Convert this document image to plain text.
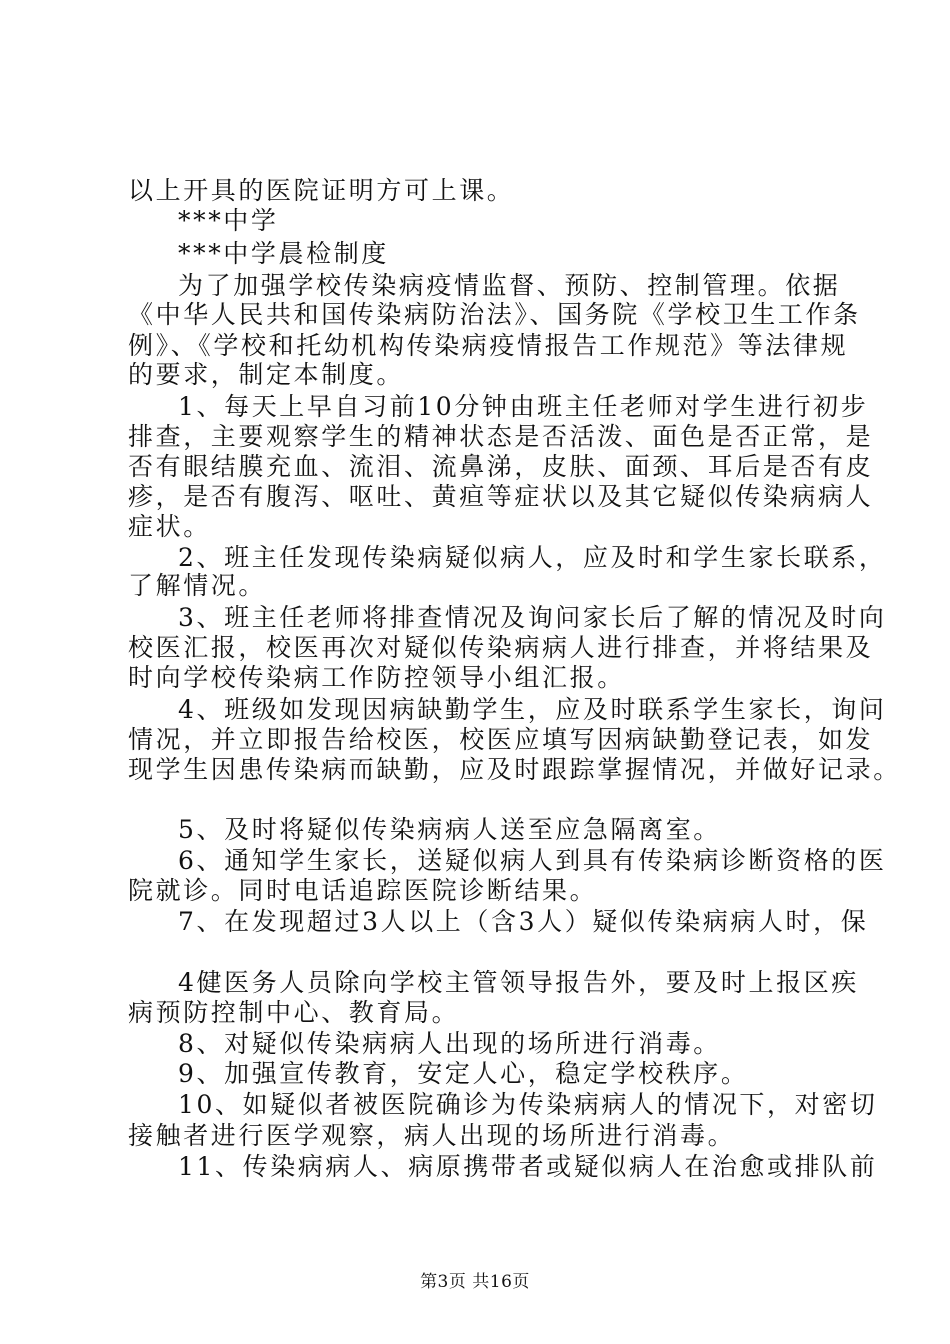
以上开具的医院证明方可上课。
***中学
***中学晨检制度
为了加强学校传染病疫情监督、预防、控制管理。依据
《中华人民共和国传染病防治法》、国务院《学校卫生工作条
例》、《学校和托幼机构传染病疫情报告工作规范》等法律规
的要求，制定本制度。
1、每天上早自习前10分钟由班主任老师对学生进行初步
排查，主要观察学生的精神状态是否活泼、面色是否正常，是
否有眼结膜充血、流泪、流鼻涕，皮肤、面颈、耳后是否有皮
疹，是否有腹泻、呕吐、黄疸等症状以及其它疑似传染病病人
症状。
2、班主任发现传染病疑似病人，应及时和学生家长联系，
了解情况。
3、班主任老师将排查情况及询问家长后了解的情况及时向
校医汇报，校医再次对疑似传染病病人进行排查，并将结果及
时向学校传染病工作防控领导小组汇报。
4、班级如发现因病缺勤学生，应及时联系学生家长，询问
情况，并立即报告给校医，校医应填写因病缺勤登记表，如发
现学生因患传染病而缺勤，应及时跟踪掌握情况，并做好记录。
5、及时将疑似传染病病人送至应急隔离室。
6、通知学生家长，送疑似病人到具有传染病诊断资格的医
院就诊。同时电话追踪医院诊断结果。
7、在发现超过3人以上（含3人）疑似传染病病人时，保
4健医务人员除向学校主管领导报告外，要及时上报区疾
病预防控制中心、教育局。
8、对疑似传染病病人出现的场所进行消毒。
9、加强宣传教育，安定人心，稳定学校秩序。
10、如疑似者被医院确诊为传染病病人的情况下，对密切
接触者进行医学观察，病人出现的场所进行消毒。
11、传染病病人、病原携带者或疑似病人在治愈或排队前
第3页 共16页
